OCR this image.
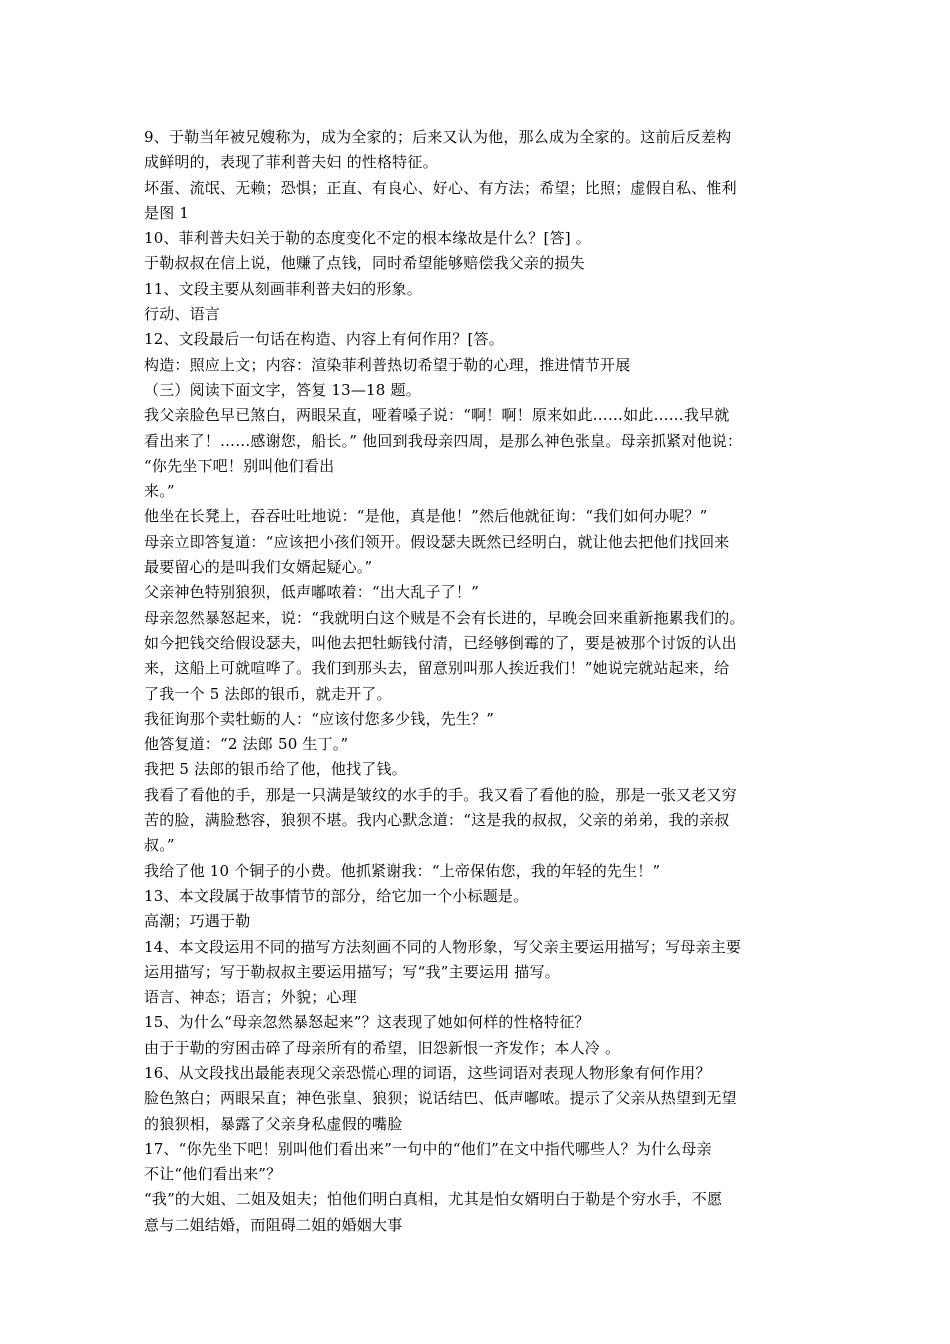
9、于勒当年被兄嫂称为，成为全家的；后来又认为他，那么成为全家的。这前后反差构
成鲜明的，表现了菲利普夫妇 的性格特征。
坏蛋、流氓、无赖；恐惧；正直、有良心、好心、有方法；希望；比照；虚假自私、惟利
是图 1
10、菲利普夫妇关于勒的态度变化不定的根本缘故是什么？[答] 。
于勒叔叔在信上说，他赚了点钱，同时希望能够赔偿我父亲的损失
11、文段主要从刻画菲利普夫妇的形象。
行动、语言
12、文段最后一句话在构造、内容上有何作用？[答。
构造：照应上文；内容：渲染菲利普热切希望于勒的心理，推进情节开展
（三）阅读下面文字，答复 13—18 题。
我父亲脸色早已煞白，两眼呆直，哑着嗓子说：“啊！啊！原来如此……如此……我早就
看出来了！……感谢您，船长。” 他回到我母亲四周，是那么神色张皇。母亲抓紧对他说：
“你先坐下吧！别叫他们看出
来。”
他坐在长凳上，吞吞吐吐地说：“是他，真是他！”然后他就征询：“我们如何办呢？”
母亲立即答复道：“应该把小孩们领开。假设瑟夫既然已经明白，就让他去把他们找回来
最要留心的是叫我们女婿起疑心。”
父亲神色特别狼狈，低声嘟哝着：“出大乱子了！”
母亲忽然暴怒起来，说：“我就明白这个贼是不会有长进的，早晚会回来重新拖累我们的。
如今把钱交给假设瑟夫，叫他去把牡蛎钱付清，已经够倒霉的了，要是被那个讨饭的认出
来，这船上可就喧哗了。我们到那头去，留意别叫那人挨近我们！”她说完就站起来，给
了我一个 5 法郎的银币，就走开了。
我征询那个卖牡蛎的人：“应该付您多少钱，先生？”
他答复道：“2 法郎 50 生丁。”
我把 5 法郎的银币给了他，他找了钱。
我看了看他的手，那是一只满是皱纹的水手的手。我又看了看他的脸，那是一张又老又穷
苦的脸，满脸愁容，狼狈不堪。我内心默念道：“这是我的叔叔，父亲的弟弟，我的亲叔
叔。”
我给了他 10 个铜子的小费。他抓紧谢我：“上帝保佑您，我的年轻的先生！”
13、本文段属于故事情节的部分，给它加一个小标题是。
高潮；巧遇于勒
14、本文段运用不同的描写方法刻画不同的人物形象，写父亲主要运用描写；写母亲主要
运用描写；写于勒叔叔主要运用描写；写“我”主要运用 描写。
语言、神态；语言；外貌；心理
15、为什么“母亲忽然暴怒起来”？这表现了她如何样的性格特征？
由于于勒的穷困击碎了母亲所有的希望，旧怨新恨一齐发作；本人冷 。
16、从文段找出最能表现父亲恐慌心理的词语，这些词语对表现人物形象有何作用？
脸色煞白；两眼呆直；神色张皇、狼狈；说话结巴、低声嘟哝。提示了父亲从热望到无望
的狼狈相，暴露了父亲身私虚假的嘴脸
17、“你先坐下吧！别叫他们看出来”一句中的“他们”在文中指代哪些人？为什么母亲
不让“他们看出来”？
“我”的大姐、二姐及姐夫；怕他们明白真相，尤其是怕女婿明白于勒是个穷水手，不愿
意与二姐结婚，而阻碍二姐的婚姻大事
